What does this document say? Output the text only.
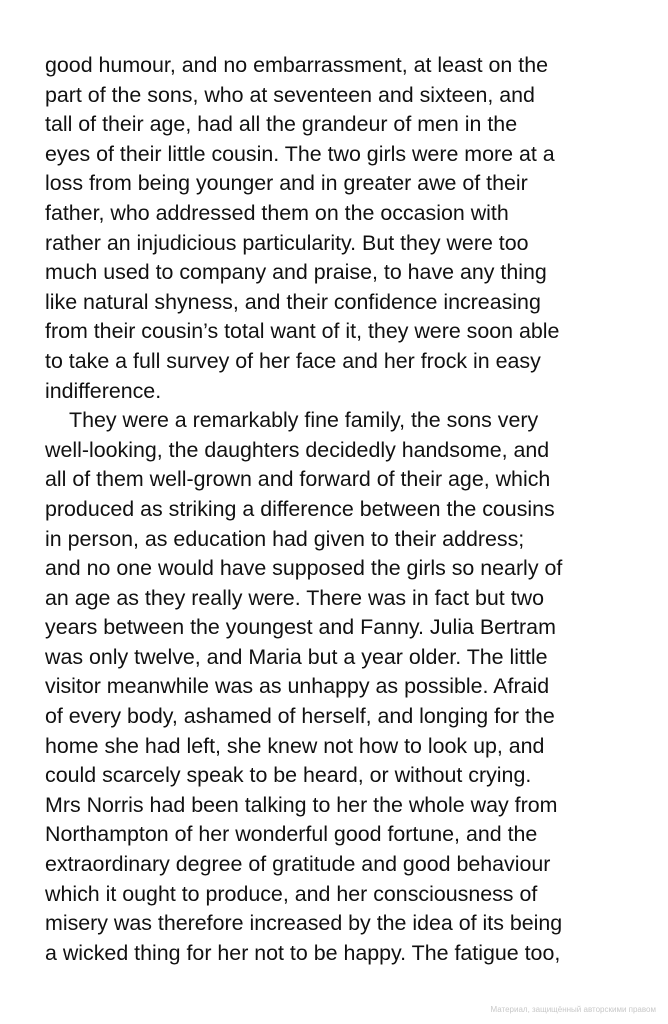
good humour, and no embarrassment, at least on the
part of the sons, who at seventeen and sixteen, and
tall of their age, had all the grandeur of men in the
eyes of their little cousin. The two girls were more at a
loss from being younger and in greater awe of their
father, who addressed them on the occasion with
rather an injudicious particularity. But they were too
much used to company and praise, to have any thing
like natural shyness, and their confidence increasing
from their cousin’s total want of it, they were soon able
to take a full survey of her face and her frock in easy
indifference.
They were a remarkably fine family, the sons very
well-looking, the daughters decidedly handsome, and
all of them well-grown and forward of their age, which
produced as striking a difference between the cousins
in person, as education had given to their address;
and no one would have supposed the girls so nearly of
an age as they really were. There was in fact but two
years between the youngest and Fanny. Julia Bertram
was only twelve, and Maria but a year older. The little
visitor meanwhile was as unhappy as possible. Afraid
of every body, ashamed of herself, and longing for the
home she had left, she knew not how to look up, and
could scarcely speak to be heard, or without crying.
Mrs Norris had been talking to her the whole way from
Northampton of her wonderful good fortune, and the
extraordinary degree of gratitude and good behaviour
which it ought to produce, and her consciousness of
misery was therefore increased by the idea of its being
a wicked thing for her not to be happy. The fatigue too,
Материал, защищённый авторскими правом
